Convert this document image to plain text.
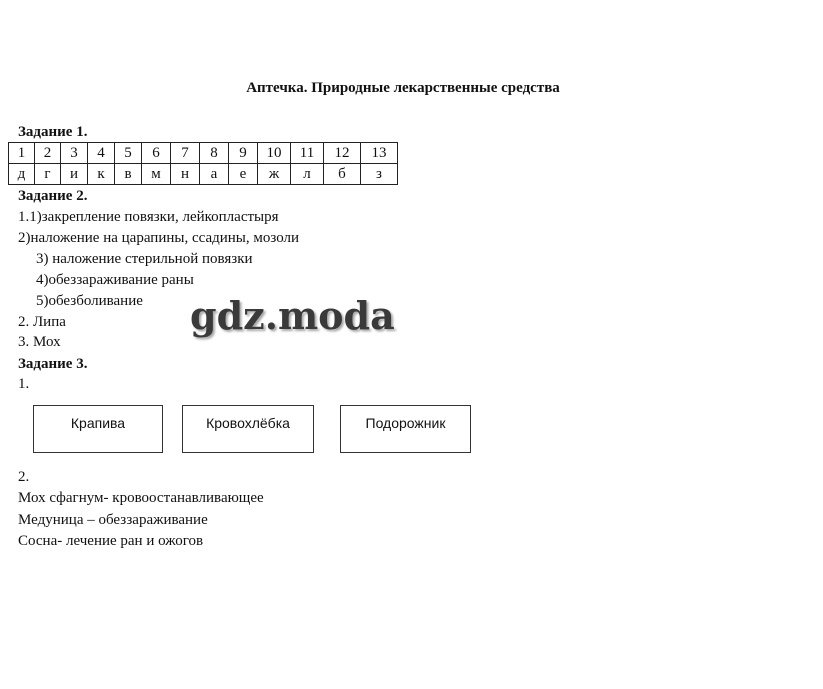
Аптечка. Природные лекарственные средства
Задание 1.
1	2	3	4	5	6	7	8	9	10	11	12	13
д	г	и	к	в	м	н	а	е	ж	л	б	з
Задание 2.
1.1)закрепление повязки, лейкопластыря
2)наложение на царапины, ссадины, мозоли
3) наложение стерильной повязки
4)обеззараживание раны
5)обезболивание
2. Липа
3. Мох
Задание 3.
1.
Крапива	Кровохлёбка	Подорожник
2.
Мох сфагнум- кровоостанавливающее
Медуница – обеззараживание
Сосна- лечение ран и ожогов
gdz.moda
